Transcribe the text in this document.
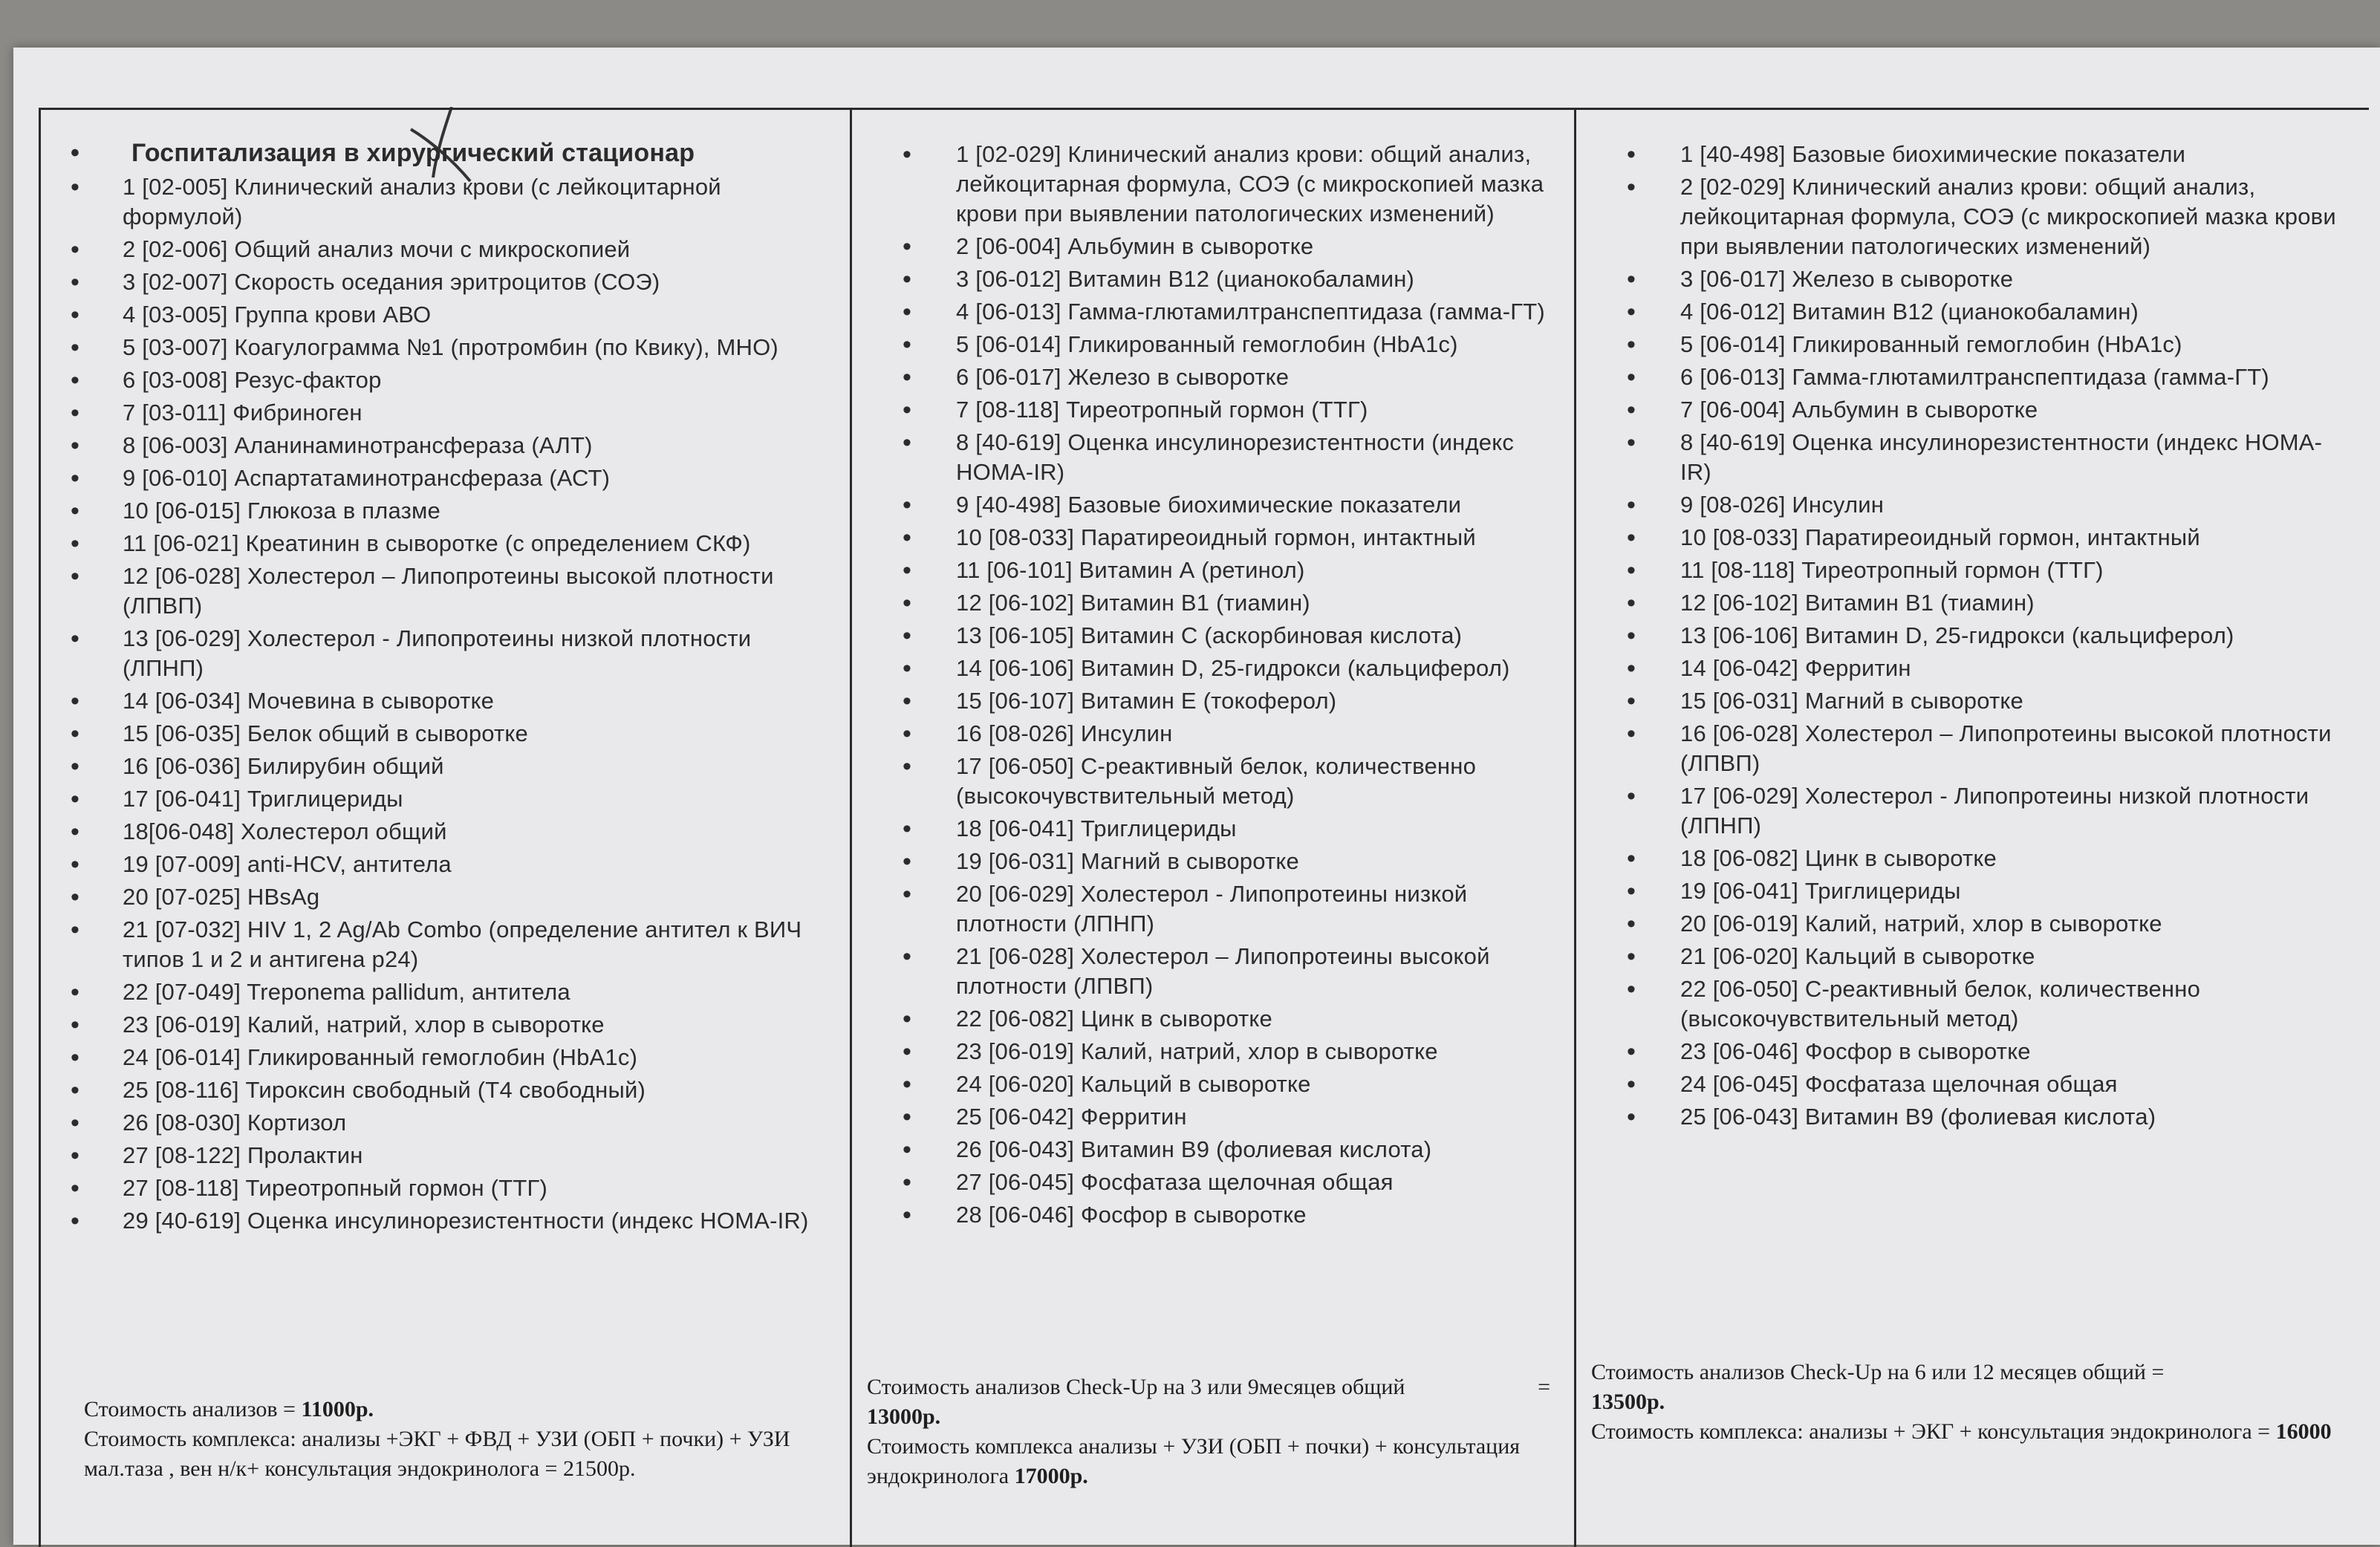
• Госпитализация в хирургический стационар
• 1 [02-005] Клинический анализ крови (с лейкоцитарной формулой)
• 2 [02-006] Общий анализ мочи с микроскопией
• 3 [02-007] Скорость оседания эритроцитов (СОЭ)
• 4 [03-005] Группа крови АВО
• 5 [03-007] Коагулограмма №1 (протромбин (по Квику), МНО)
• 6 [03-008] Резус-фактор
• 7 [03-011] Фибриноген
• 8 [06-003] Аланинаминотрансфераза (АЛТ)
• 9 [06-010] Аспартатаминотрансфераза (АСТ)
• 10 [06-015] Глюкоза в плазме
• 11 [06-021] Креатинин в сыворотке (с определением СКФ)
• 12 [06-028] Холестерол – Липопротеины высокой плотности (ЛПВП)
• 13 [06-029] Холестерол - Липопротеины низкой плотности (ЛПНП)
• 14 [06-034] Мочевина в сыворотке
• 15 [06-035] Белок общий в сыворотке
• 16 [06-036] Билирубин общий
• 17 [06-041] Триглицериды
• 18[06-048] Холестерол общий
• 19 [07-009] anti-HCV, антитела
• 20 [07-025] HBsAg
• 21 [07-032] HIV 1, 2 Ag/Ab Combo (определение антител к ВИЧ типов 1 и 2 и антигена p24)
• 22 [07-049] Treponema pallidum, антитела
• 23 [06-019] Калий, натрий, хлор в сыворотке
• 24 [06-014] Гликированный гемоглобин (HbA1c)
• 25 [08-116] Тироксин свободный (Т4 свободный)
• 26 [08-030] Кортизол
• 27 [08-122] Пролактин
• 27 [08-118] Тиреотропный гормон (ТТГ)
• 29 [40-619] Оценка инсулинорезистентности (индекс HOMA-IR)
Стоимость анализов = 11000р.
Стоимость комплекса: анализы +ЭКГ + ФВД + УЗИ (ОБП + почки) + УЗИ мал.таза , вен н/к+ консультация эндокринолога = 21500р.
• 1 [02-029] Клинический анализ крови: общий анализ, лейкоцитарная формула, СОЭ (с микроскопией мазка крови при выявлении патологических изменений)
• 2 [06-004] Альбумин в сыворотке
• 3 [06-012] Витамин B12 (цианокобаламин)
• 4 [06-013] Гамма-глютамилтранспептидаза (гамма-ГТ)
• 5 [06-014] Гликированный гемоглобин (HbA1c)
• 6 [06-017] Железо в сыворотке
• 7 [08-118] Тиреотропный гормон (ТТГ)
• 8 [40-619] Оценка инсулинорезистентности (индекс HOMA-IR)
• 9 [40-498] Базовые биохимические показатели
• 10 [08-033] Паратиреоидный гормон, интактный
• 11 [06-101] Витамин А (ретинол)
• 12 [06-102] Витамин В1 (тиамин)
• 13 [06-105] Витамин С (аскорбиновая кислота)
• 14 [06-106] Витамин D, 25-гидрокси (кальциферол)
• 15 [06-107] Витамин Е (токоферол)
• 16 [08-026] Инсулин
• 17 [06-050] С-реактивный белок, количественно (высокочувствительный метод)
• 18 [06-041] Триглицериды
• 19 [06-031] Магний в сыворотке
• 20 [06-029] Холестерол - Липопротеины низкой плотности (ЛПНП)
• 21 [06-028] Холестерол – Липопротеины высокой плотности (ЛПВП)
• 22 [06-082] Цинк в сыворотке
• 23 [06-019] Калий, натрий, хлор в сыворотке
• 24 [06-020] Кальций в сыворотке
• 25 [06-042] Ферритин
• 26 [06-043] Витамин В9 (фолиевая кислота)
• 27 [06-045] Фосфатаза щелочная общая
• 28 [06-046] Фосфор в сыворотке
Стоимость анализов Check-Up на 3 или 9месяцев общий	=
13000р.
Стоимость комплекса анализы + УЗИ (ОБП + почки) + консультация эндокринолога 17000р.
• 1 [40-498] Базовые биохимические показатели
• 2 [02-029] Клинический анализ крови: общий анализ, лейкоцитарная формула, СОЭ (с микроскопией мазка крови при выявлении патологических изменений)
• 3 [06-017] Железо в сыворотке
• 4 [06-012] Витамин B12 (цианокобаламин)
• 5 [06-014] Гликированный гемоглобин (HbA1c)
• 6 [06-013] Гамма-глютамилтранспептидаза (гамма-ГТ)
• 7 [06-004] Альбумин в сыворотке
• 8 [40-619] Оценка инсулинорезистентности (индекс HOMA-IR)
• 9 [08-026] Инсулин
• 10 [08-033] Паратиреоидный гормон, интактный
• 11 [08-118] Тиреотропный гормон (ТТГ)
• 12 [06-102] Витамин В1 (тиамин)
• 13 [06-106] Витамин D, 25-гидрокси (кальциферол)
• 14 [06-042] Ферритин
• 15 [06-031] Магний в сыворотке
• 16 [06-028] Холестерол – Липопротеины высокой плотности (ЛПВП)
• 17 [06-029] Холестерол - Липопротеины низкой плотности (ЛПНП)
• 18 [06-082] Цинк в сыворотке
• 19 [06-041] Триглицериды
• 20 [06-019] Калий, натрий, хлор в сыворотке
• 21 [06-020] Кальций в сыворотке
• 22 [06-050] С-реактивный белок, количественно (высокочувствительный метод)
• 23 [06-046] Фосфор в сыворотке
• 24 [06-045] Фосфатаза щелочная общая
• 25 [06-043] Витамин В9 (фолиевая кислота)
Стоимость анализов Check-Up на 6 или 12 месяцев общий =
13500р.
Стоимость комплекса: анализы + ЭКГ + консультация эндокринолога = 16000
